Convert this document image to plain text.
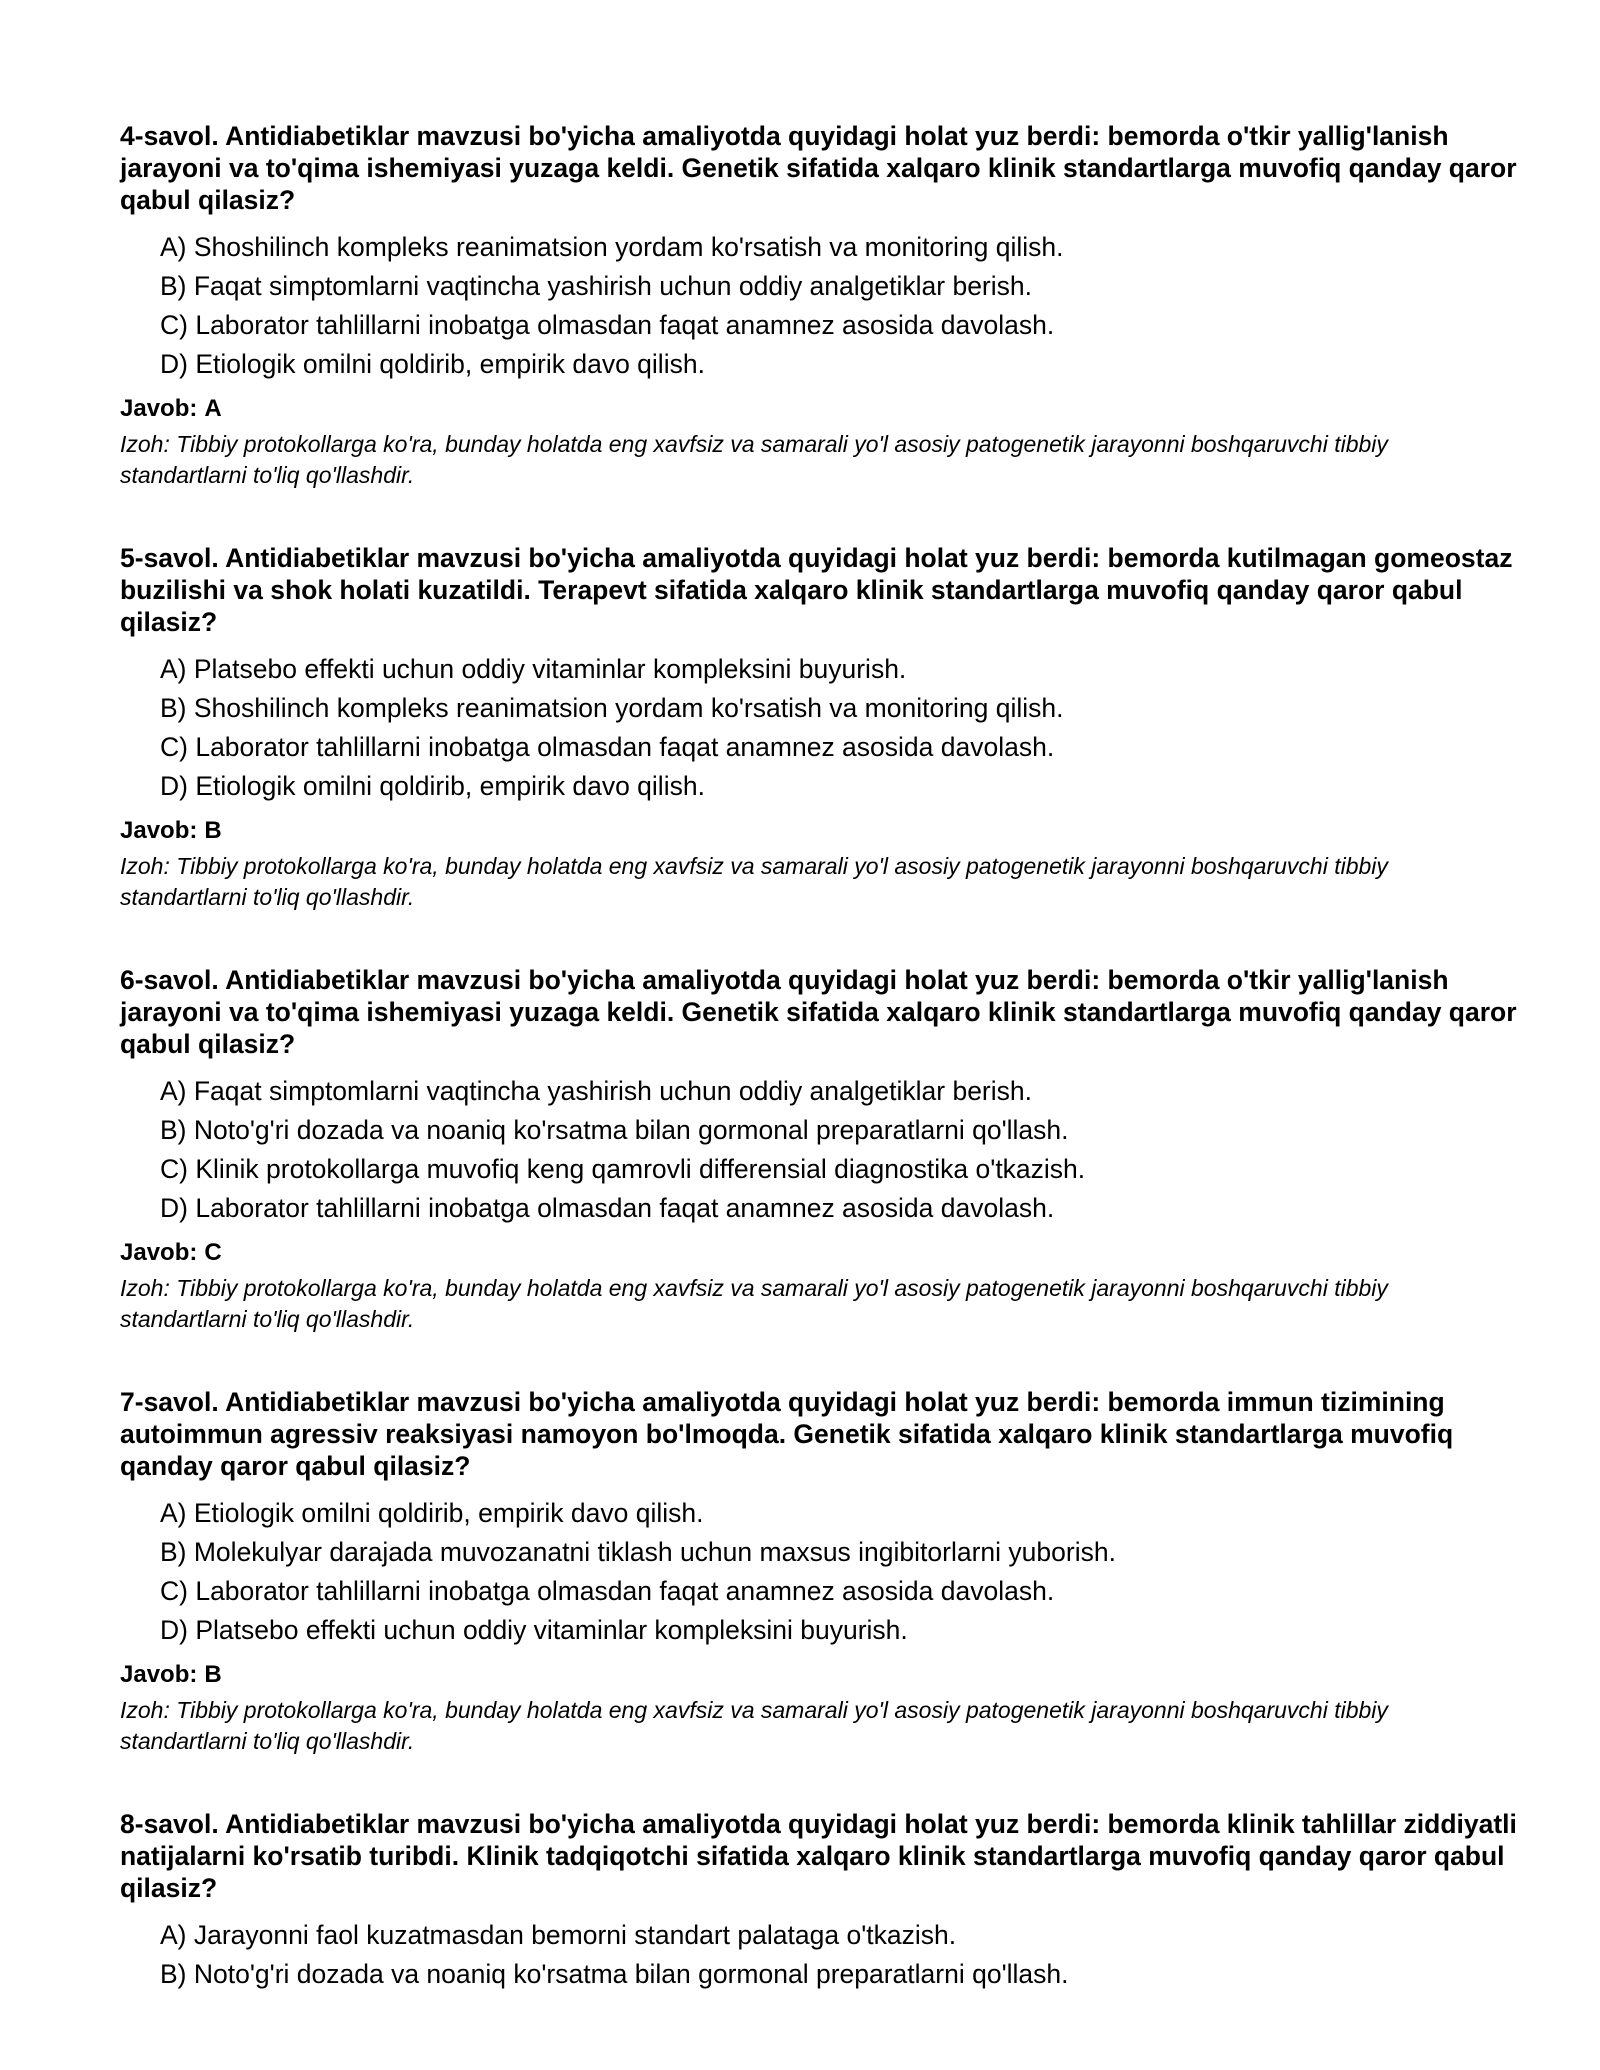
4-savol. Antidiabetiklar mavzusi bo'yicha amaliyotda quyidagi holat yuz berdi: bemorda o'tkir yallig'lanish jarayoni va to'qima ishemiyasi yuzaga keldi. Genetik sifatida xalqaro klinik standartlarga muvofiq qanday qaror qabul qilasiz?

A) Shoshilinch kompleks reanimatsion yordam ko'rsatish va monitoring qilish.
B) Faqat simptomlarni vaqtincha yashirish uchun oddiy analgetiklar berish.
C) Laborator tahlillarni inobatga olmasdan faqat anamnez asosida davolash.
D) Etiologik omilni qoldirib, empirik davo qilish.

Javob: A

Izoh: Tibbiy protokollarga ko'ra, bunday holatda eng xavfsiz va samarali yo'l asosiy patogenetik jarayonni boshqaruvchi tibbiy standartlarni to'liq qo'llashdir.

5-savol. Antidiabetiklar mavzusi bo'yicha amaliyotda quyidagi holat yuz berdi: bemorda kutilmagan gomeostaz buzilishi va shok holati kuzatildi. Terapevt sifatida xalqaro klinik standartlarga muvofiq qanday qaror qabul qilasiz?

A) Platsebo effekti uchun oddiy vitaminlar kompleksini buyurish.
B) Shoshilinch kompleks reanimatsion yordam ko'rsatish va monitoring qilish.
C) Laborator tahlillarni inobatga olmasdan faqat anamnez asosida davolash.
D) Etiologik omilni qoldirib, empirik davo qilish.

Javob: B

Izoh: Tibbiy protokollarga ko'ra, bunday holatda eng xavfsiz va samarali yo'l asosiy patogenetik jarayonni boshqaruvchi tibbiy standartlarni to'liq qo'llashdir.

6-savol. Antidiabetiklar mavzusi bo'yicha amaliyotda quyidagi holat yuz berdi: bemorda o'tkir yallig'lanish jarayoni va to'qima ishemiyasi yuzaga keldi. Genetik sifatida xalqaro klinik standartlarga muvofiq qanday qaror qabul qilasiz?

A) Faqat simptomlarni vaqtincha yashirish uchun oddiy analgetiklar berish.
B) Noto'g'ri dozada va noaniq ko'rsatma bilan gormonal preparatlarni qo'llash.
C) Klinik protokollarga muvofiq keng qamrovli differensial diagnostika o'tkazish.
D) Laborator tahlillarni inobatga olmasdan faqat anamnez asosida davolash.

Javob: C

Izoh: Tibbiy protokollarga ko'ra, bunday holatda eng xavfsiz va samarali yo'l asosiy patogenetik jarayonni boshqaruvchi tibbiy standartlarni to'liq qo'llashdir.

7-savol. Antidiabetiklar mavzusi bo'yicha amaliyotda quyidagi holat yuz berdi: bemorda immun tizimining autoimmun agressiv reaksiyasi namoyon bo'lmoqda. Genetik sifatida xalqaro klinik standartlarga muvofiq qanday qaror qabul qilasiz?

A) Etiologik omilni qoldirib, empirik davo qilish.
B) Molekulyar darajada muvozanatni tiklash uchun maxsus ingibitorlarni yuborish.
C) Laborator tahlillarni inobatga olmasdan faqat anamnez asosida davolash.
D) Platsebo effekti uchun oddiy vitaminlar kompleksini buyurish.

Javob: B

Izoh: Tibbiy protokollarga ko'ra, bunday holatda eng xavfsiz va samarali yo'l asosiy patogenetik jarayonni boshqaruvchi tibbiy standartlarni to'liq qo'llashdir.

8-savol. Antidiabetiklar mavzusi bo'yicha amaliyotda quyidagi holat yuz berdi: bemorda klinik tahlillar ziddiyatli natijalarni ko'rsatib turibdi. Klinik tadqiqotchi sifatida xalqaro klinik standartlarga muvofiq qanday qaror qabul qilasiz?

A) Jarayonni faol kuzatmasdan bemorni standart palataga o'tkazish.
B) Noto'g'ri dozada va noaniq ko'rsatma bilan gormonal preparatlarni qo'llash.
